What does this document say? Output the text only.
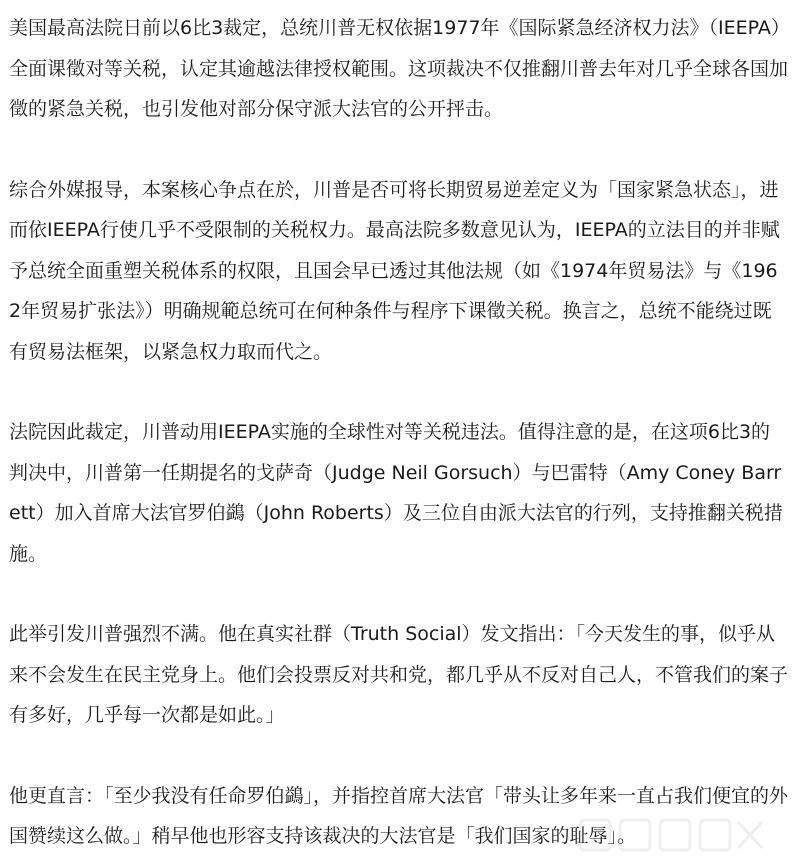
美国最高法院日前以6比3裁定，总统川普无权依据1977年《国际紧急经济权力法》（IEEPA）全面课徵对等关税，认定其逾越法律授权範围。这项裁决不仅推翻川普去年对几乎全球各国加徵的紧急关税，也引发他对部分保守派大法官的公开抨击。

综合外媒报导，本案核心争点在於，川普是否可将长期贸易逆差定义为「国家紧急状态」，进而依IEEPA行使几乎不受限制的关税权力。最高法院多数意见认为，IEEPA的立法目的并非赋予总统全面重塑关税体系的权限，且国会早已透过其他法规（如《1974年贸易法》与《1962年贸易扩张法》）明确规範总统可在何种条件与程序下课徵关税。换言之，总统不能绕过既有贸易法框架，以紧急权力取而代之。

法院因此裁定，川普动用IEEPA实施的全球性对等关税违法。值得注意的是，在这项6比3的判决中，川普第一任期提名的戈萨奇（Judge Neil Gorsuch）与巴雷特（Amy Coney Barrett）加入首席大法官罗伯鷁（John Roberts）及三位自由派大法官的行列，支持推翻关税措施。

此举引发川普强烈不满。他在真实社群（Truth Social）发文指出：「今天发生的事，似乎从来不会发生在民主党身上。他们会投票反对共和党，都几乎从不反对自己人，不管我们的案子有多好，几乎每一次都是如此。」

他更直言：「至少我没有任命罗伯鷁」，并指控首席大法官「带头让多年来一直占我们便宜的外国赞续这么做。」稍早他也形容支持该裁决的大法官是「我们国家的耻辱」。
